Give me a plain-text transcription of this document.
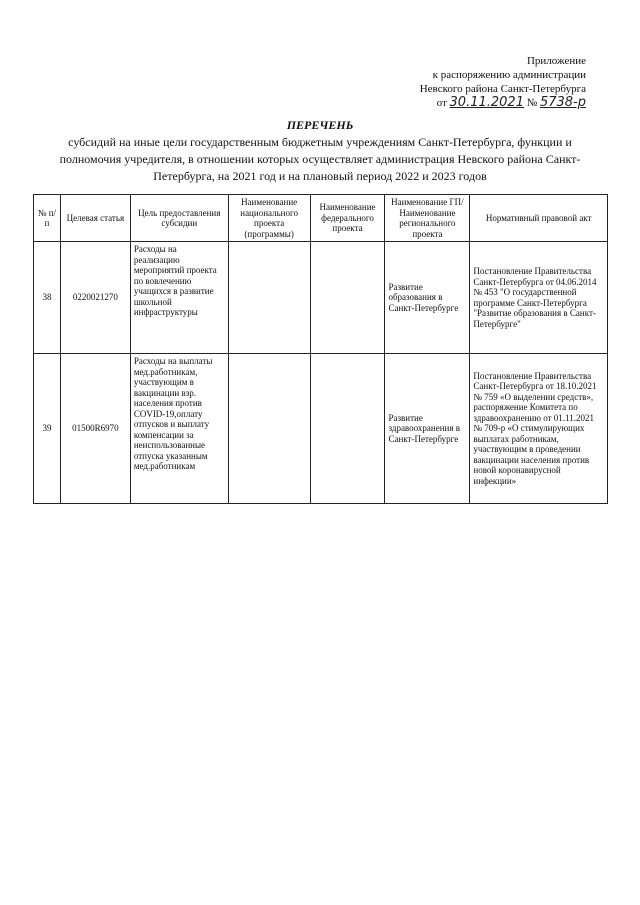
Приложение
к распоряжению администрации
Невского района Санкт-Петербурга
от 30.11.2021 № 5738-р
ПЕРЕЧЕНЬ
субсидий на иные цели государственным бюджетным учреждениям Санкт-Петербурга, функции и полномочия учредителя, в отношении которых осуществляет администрация Невского района Санкт-Петербурга, на 2021 год и на плановый период 2022 и 2023 годов
№ п/п	Целевая статья	Цель предоставления субсидии	Наименование национального проекта (программы)	Наименование федерального проекта	Наименование ГП/Наименование регионального проекта	Нормативный правовой акт
38	0220021270	Расходы на реализацию мероприятий проекта по вовлечению учащихся в развитие школьной инфраструктуры			Развитие образования в Санкт-Петербурге	Постановление Правительства Санкт-Петербурга от 04.06.2014 № 453 "О государственной программе Санкт-Петербурга "Развитие образования в Санкт-Петербурге"
39	01500R6970	Расходы на выплаты мед.работникам, участвующим в вакцинации взр. населения против COVID-19,оплату отпусков и выплату компенсации за неиспользованные отпуска указанным мед.работникам			Развитие здравоохранения в Санкт-Петербурге	Постановление Правительства Санкт-Петербурга от 18.10.2021 № 759 «О выделении средств», распоряжение Комитета по здравоохранению от 01.11.2021 № 709-р «О стимулирующих выплатах работникам, участвующим в проведении вакцинации населения против новой коронавирусной инфекции»
